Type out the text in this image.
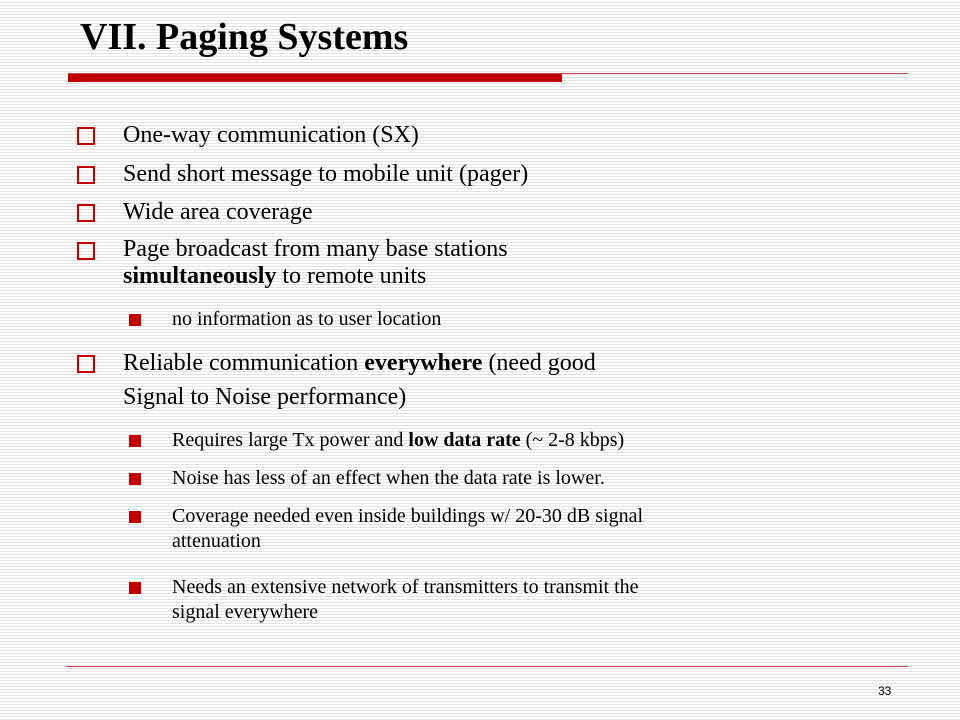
VII. Paging Systems
One-way communication (SX)
Send short message to mobile unit (pager)
Wide area coverage
Page broadcast from many base stations
simultaneously to remote units
no information as to user location
Reliable communication everywhere (need good
Signal to Noise performance)
Requires large Tx power and low data rate (~ 2-8 kbps)
Noise has less of an effect when the data rate is lower.
Coverage needed even inside buildings w/ 20-30 dB signal
attenuation
Needs an extensive network of transmitters to transmit the
signal everywhere
33
